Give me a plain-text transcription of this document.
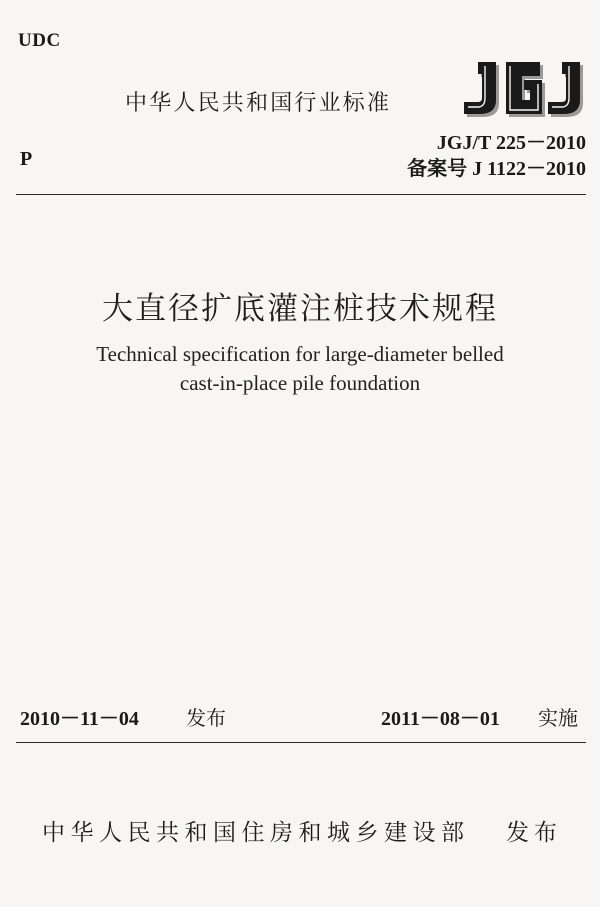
UDC
中华人民共和国行业标准
P
JGJ/T 225－2010
备案号 J 1122－2010
大直径扩底灌注桩技术规程
Technical specification for large-diameter belled
cast-in-place pile foundation
2010－11－04 发布	2011－08－01 实施
中华人民共和国住房和城乡建设部 发布
